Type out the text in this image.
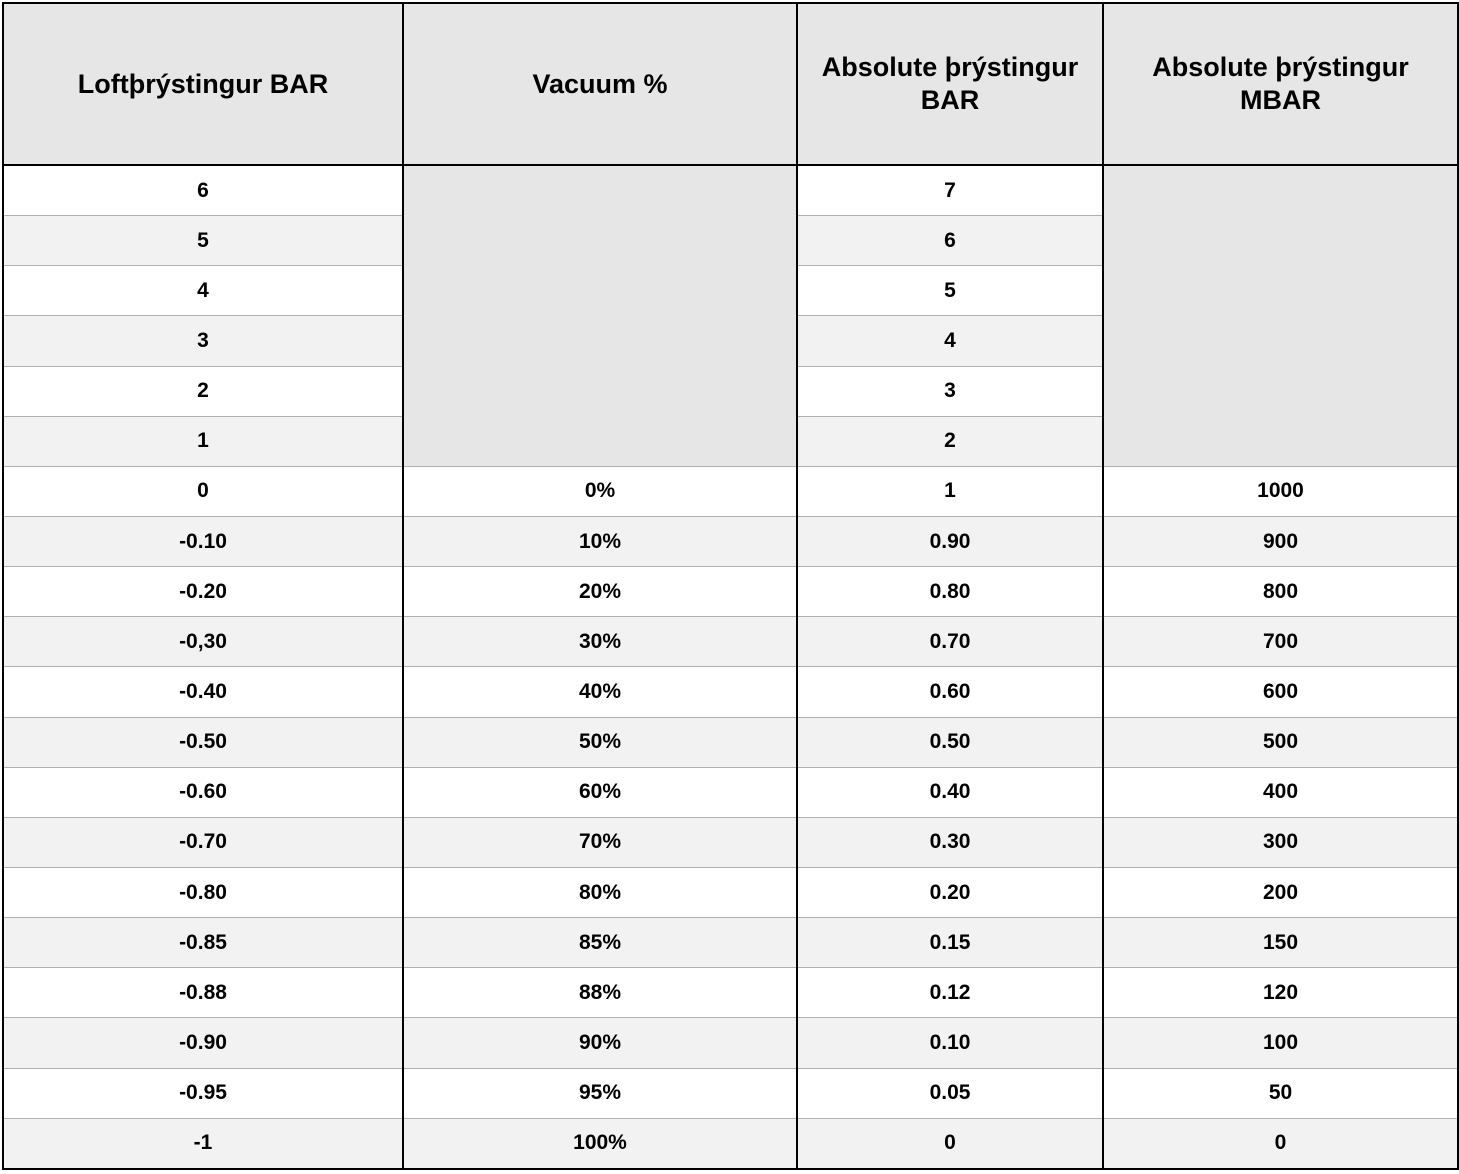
Loftþrýstingur BAR	Vacuum %	Absolute þrýstingur BAR	Absolute þrýstingur MBAR
6		7	
5		6	
4		5	
3		4	
2		3	
1		2	
0	0%	1	1000
-0.10	10%	0.90	900
-0.20	20%	0.80	800
-0,30	30%	0.70	700
-0.40	40%	0.60	600
-0.50	50%	0.50	500
-0.60	60%	0.40	400
-0.70	70%	0.30	300
-0.80	80%	0.20	200
-0.85	85%	0.15	150
-0.88	88%	0.12	120
-0.90	90%	0.10	100
-0.95	95%	0.05	50
-1	100%	0	0
